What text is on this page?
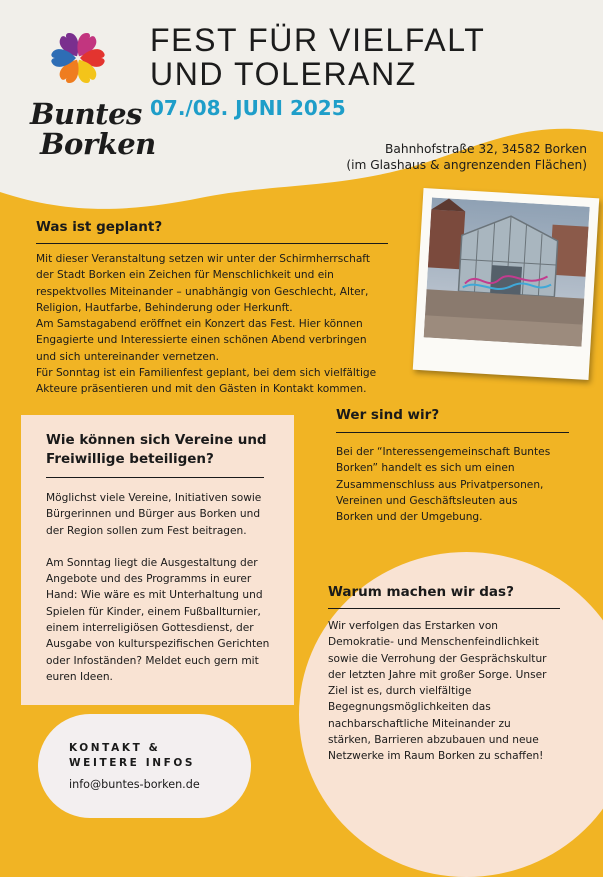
Buntes
Borken
FEST FÜR VIELFALT
UND TOLERANZ
07./08. JUNI 2025
Bahnhofstraße 32, 34582 Borken
(im Glashaus & angrenzenden Flächen)
Was ist geplant?

Mit dieser Veranstaltung setzen wir unter der Schirmherrschaft

der Stadt Borken ein Zeichen für Menschlichkeit und ein

respektvolles Miteinander – unabhängig von Geschlecht, Alter,

Religion, Hautfarbe, Behinderung oder Herkunft.

Am Samstagabend eröffnet ein Konzert das Fest. Hier können

Engagierte und Interessierte einen schönen Abend verbringen

und sich untereinander vernetzen.

Für Sonntag ist ein Familienfest geplant, bei dem sich vielfältige

Akteure präsentieren und mit den Gästen in Kontakt kommen.

Wie können sich Vereine und
Freiwillige beteiligen?

Möglichst viele Vereine, Initiativen sowie

Bürgerinnen und Bürger aus Borken und

der Region sollen zum Fest beitragen.

Am Sonntag liegt die Ausgestaltung der

Angebote und des Programms in eurer

Hand: Wie wäre es mit Unterhaltung und

Spielen für Kinder, einem Fußballturnier,

einem interreligiösen Gottesdienst, der

Ausgabe von kulturspezifischen Gerichten

oder Infoständen? Meldet euch gern mit

euren Ideen.

Wer sind wir?

Bei der “Interessengemeinschaft Buntes

Borken” handelt es sich um einen

Zusammenschluss aus Privatpersonen,

Vereinen und Geschäftsleuten aus

Borken und der Umgebung.

Warum machen wir das?

Wir verfolgen das Erstarken von

Demokratie- und Menschenfeindlichkeit

sowie die Verrohung der Gesprächskultur

der letzten Jahre mit großer Sorge. Unser

Ziel ist es, durch vielfältige

Begegnungsmöglichkeiten das

nachbarschaftliche Miteinander zu

stärken, Barrieren abzubauen und neue

Netzwerke im Raum Borken zu schaffen!

KONTAKT &
WEITERE INFOS
info@buntes-borken.de
